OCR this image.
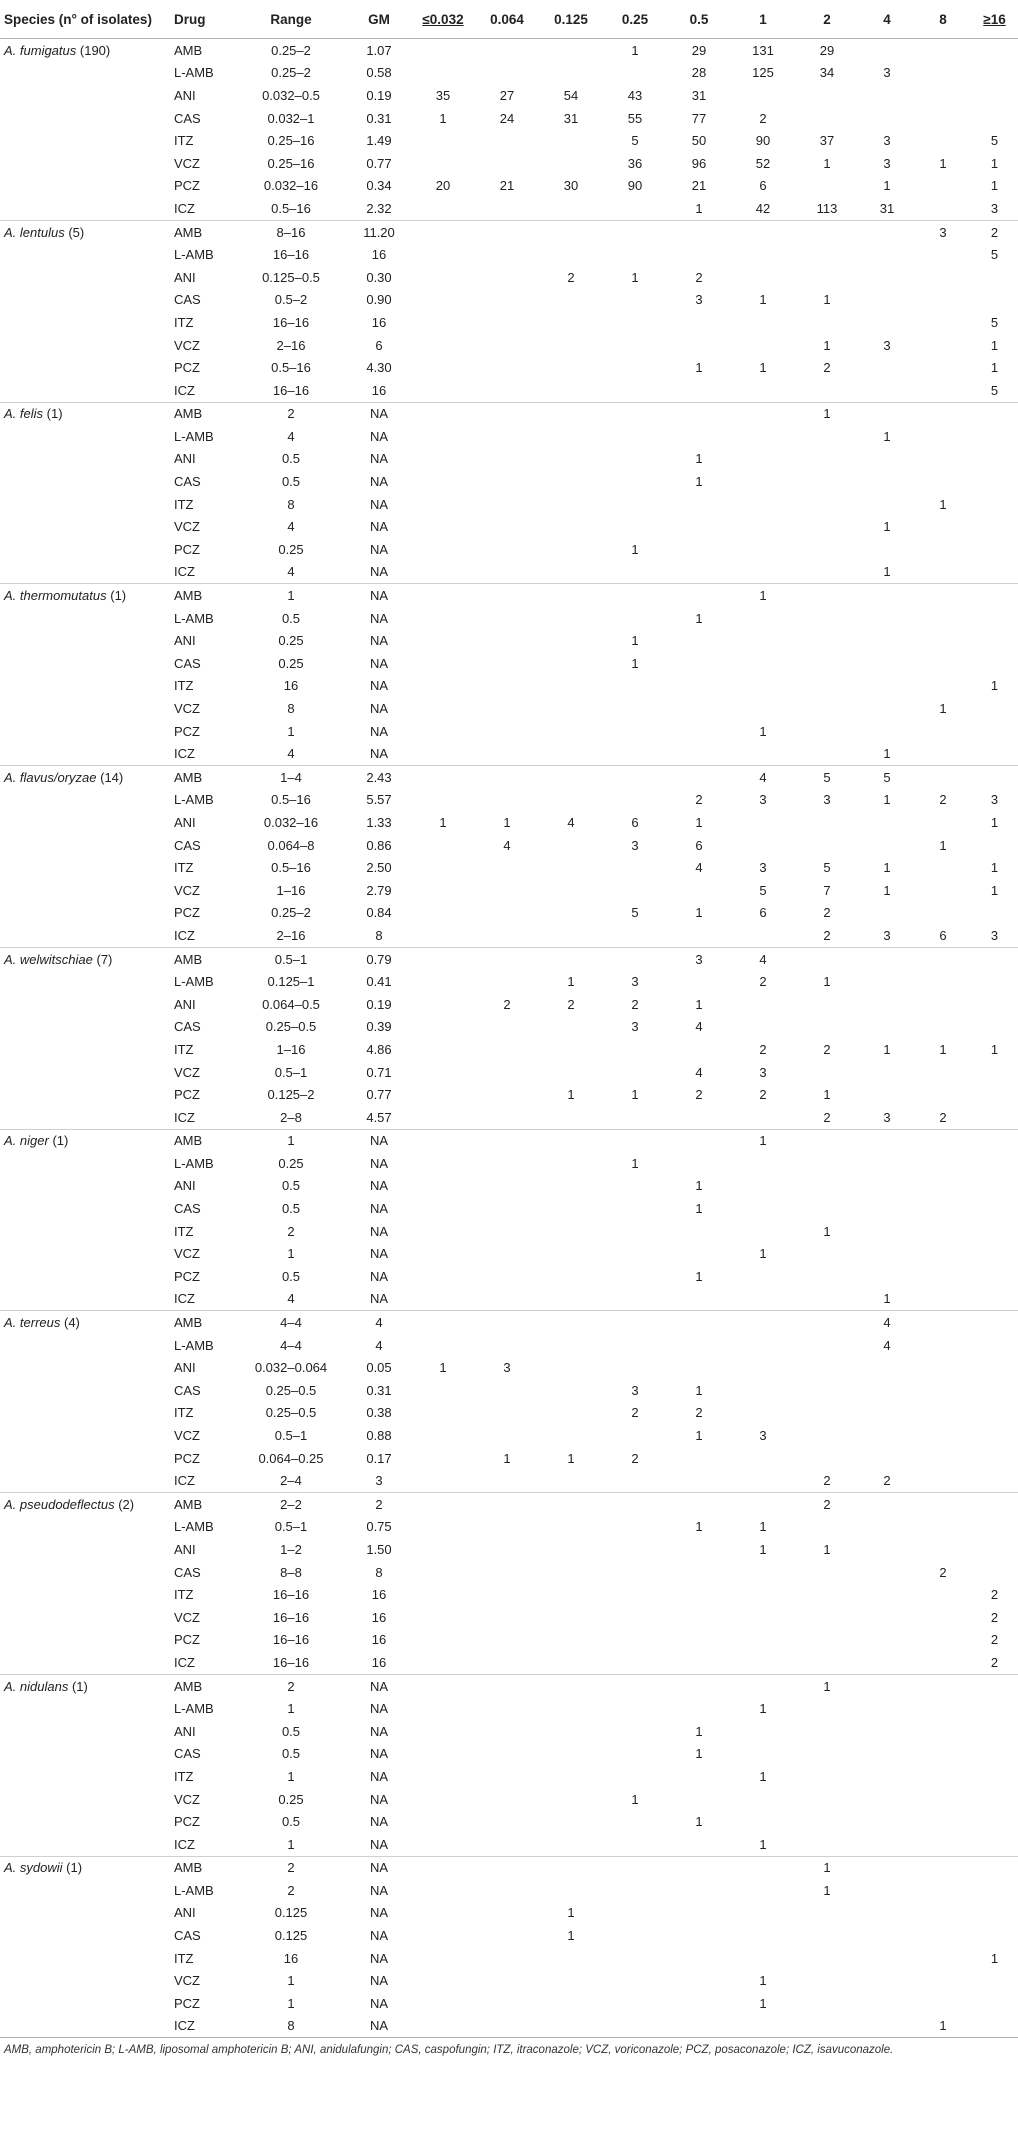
Species (n° of isolates)	Drug	Range	GM	≤0.032	0.064	0.125	0.25	0.5	1	2	4	8	≥16
A. fumigatus (190)	AMB	0.25–2	1.07				1	29	131	29			
	L-AMB	0.25–2	0.58					28	125	34	3		
	ANI	0.032–0.5	0.19	35	27	54	43	31					
	CAS	0.032–1	0.31	1	24	31	55	77	2				
	ITZ	0.25–16	1.49				5	50	90	37	3		5
	VCZ	0.25–16	0.77				36	96	52	1	3	1	1
	PCZ	0.032–16	0.34	20	21	30	90	21	6		1		1
	ICZ	0.5–16	2.32					1	42	113	31		3
A. lentulus (5)	AMB	8–16	11.20									3	2
	L-AMB	16–16	16										5
	ANI	0.125–0.5	0.30			2	1	2					
	CAS	0.5–2	0.90					3	1	1			
	ITZ	16–16	16										5
	VCZ	2–16	6							1	3		1
	PCZ	0.5–16	4.30					1	1	2			1
	ICZ	16–16	16										5
A. felis (1)	AMB	2	NA							1			
	L-AMB	4	NA								1		
	ANI	0.5	NA					1					
	CAS	0.5	NA					1					
	ITZ	8	NA									1	
	VCZ	4	NA								1		
	PCZ	0.25	NA				1						
	ICZ	4	NA								1		
A. thermomutatus (1)	AMB	1	NA						1				
	L-AMB	0.5	NA					1					
	ANI	0.25	NA				1						
	CAS	0.25	NA				1						
	ITZ	16	NA										1
	VCZ	8	NA									1	
	PCZ	1	NA						1				
	ICZ	4	NA								1		
A. flavus/oryzae (14)	AMB	1–4	2.43						4	5	5		
	L-AMB	0.5–16	5.57					2	3	3	1	2	3
	ANI	0.032–16	1.33	1	1	4	6	1					1
	CAS	0.064–8	0.86		4		3	6				1	
	ITZ	0.5–16	2.50					4	3	5	1		1
	VCZ	1–16	2.79						5	7	1		1
	PCZ	0.25–2	0.84				5	1	6	2			
	ICZ	2–16	8							2	3	6	3
A. welwitschiae (7)	AMB	0.5–1	0.79					3	4				
	L-AMB	0.125–1	0.41			1	3		2	1			
	ANI	0.064–0.5	0.19		2	2	2	1					
	CAS	0.25–0.5	0.39				3	4					
	ITZ	1–16	4.86						2	2	1	1	1
	VCZ	0.5–1	0.71					4	3				
	PCZ	0.125–2	0.77			1	1	2	2	1			
	ICZ	2–8	4.57							2	3	2	
A. niger (1)	AMB	1	NA						1				
	L-AMB	0.25	NA				1						
	ANI	0.5	NA					1					
	CAS	0.5	NA					1					
	ITZ	2	NA							1			
	VCZ	1	NA						1				
	PCZ	0.5	NA					1					
	ICZ	4	NA								1		
A. terreus (4)	AMB	4–4	4								4		
	L-AMB	4–4	4								4		
	ANI	0.032–0.064	0.05	1	3								
	CAS	0.25–0.5	0.31				3	1					
	ITZ	0.25–0.5	0.38				2	2					
	VCZ	0.5–1	0.88					1	3				
	PCZ	0.064–0.25	0.17		1	1	2						
	ICZ	2–4	3							2	2		
A. pseudodeflectus (2)	AMB	2–2	2							2			
	L-AMB	0.5–1	0.75					1	1				
	ANI	1–2	1.50						1	1			
	CAS	8–8	8									2	
	ITZ	16–16	16										2
	VCZ	16–16	16										2
	PCZ	16–16	16										2
	ICZ	16–16	16										2
A. nidulans (1)	AMB	2	NA							1			
	L-AMB	1	NA						1				
	ANI	0.5	NA					1					
	CAS	0.5	NA					1					
	ITZ	1	NA						1				
	VCZ	0.25	NA				1						
	PCZ	0.5	NA					1					
	ICZ	1	NA						1				
A. sydowii (1)	AMB	2	NA							1			
	L-AMB	2	NA							1			
	ANI	0.125	NA			1							
	CAS	0.125	NA			1							
	ITZ	16	NA										1
	VCZ	1	NA						1				
	PCZ	1	NA						1				
	ICZ	8	NA									1	
AMB, amphotericin B; L-AMB, liposomal amphotericin B; ANI, anidulafungin; CAS, caspofungin; ITZ, itraconazole; VCZ, voriconazole; PCZ, posaconazole; ICZ, isavuconazole.
